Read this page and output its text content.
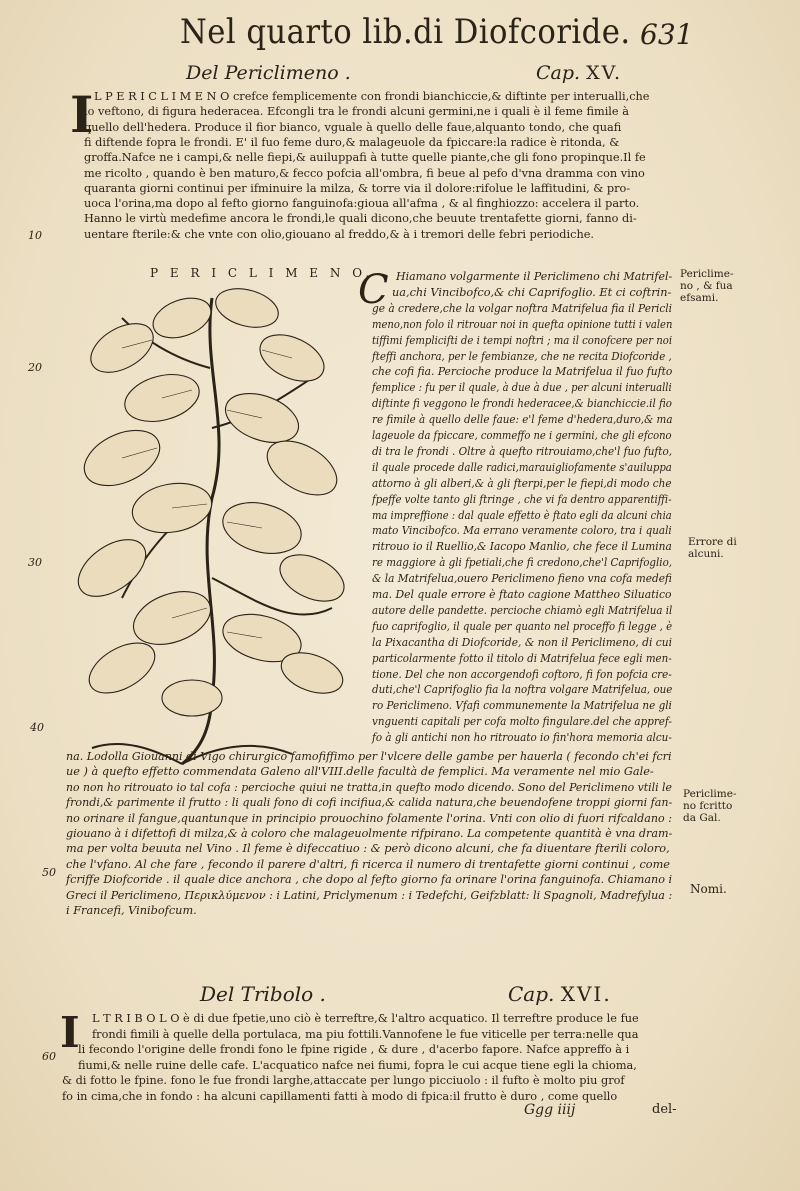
Nel quarto lib.di Diofcoride. 631
Del Periclimeno .	Cap. XV.
I L P E R I C L I M E N O crefce femplicemente con frondi bianchiccie,& diftinte per interualli,che
lo veftono, di figura hederacea. Efcongli tra le frondi alcuni germini,ne i quali è il feme fimile à
quello dell'hedera. Produce il fior bianco, vguale à quello delle faue,alquanto tondo, che quafi
fi diftende fopra le frondi. E' il fuo feme duro,& malageuole da fpiccare:la radice è ritonda, &
groffa.Nafce ne i campi,& nelle fiepi,& auiluppafi à tutte quelle piante,che gli fono propinque.Il fe
me ricolto , quando è ben maturo,& fecco pofcia all'ombra, fi beue al pefo d'vna dramma con vino
quaranta giorni continui per ifminuire la milza, & torre via il dolore:rifolue le laffitudini, & pro-
uoca l'orina,ma dopo al fefto giorno fanguinofa:gioua all'afma , & al finghiozzo: accelera il parto.
Hanno le virtù medefime ancora le frondi,le quali dicono,che beuute trentafette giorni, fanno di-
uentare fterile:& che vnte con olio,giouano al freddo,& à i tremori delle febri periodiche.
P E R I C L I M E N O.
C Hiamano volgarmente il Periclimeno chi Matrifel-
ua,chi Vincibofco,& chi Caprifoglio. Et ci coftrin-
ge à credere,che la volgar noftra Matrifelua fia il Pericli
meno,non folo il ritrouar noi in quefta opinione tutti i valen
tiffimi femplicifti de i tempi noftri ; ma il conofcere per noi
fteffi anchora, per le fembianze, che ne recita Diofcoride ,
che cofi fia. Percioche produce la Matrifelua il fuo fufto
femplice : fu per il quale, à due à due , per alcuni interualli
diftinte fi veggono le frondi hederacee,& bianchiccie.il fio
re fimile à quello delle faue: e'l feme d'hedera,duro,& ma
lageuole da fpiccare, commeffo ne i germini, che gli efcono
di tra le frondi . Oltre à quefto ritrouiamo,che'l fuo fufto,
il quale procede dalle radici,marauigliofamente s'auiluppa
attorno à gli alberi,& à gli fterpi,per le fiepi,di modo che
fpeffe volte tanto gli ftringe , che vi fa dentro apparentiffi-
ma impreffione : dal quale effetto è ftato egli da alcuni chia
mato Vincibofco. Ma errano veramente coloro, tra i quali
ritrouo io il Ruellio,& Iacopo Manlio, che fece il Lumina
re maggiore à gli fpetiali,che fi credono,che'l Caprifoglio,
& la Matrifelua,ouero Periclimeno fieno vna cofa medefi
ma. Del quale errore è ftato cagione Mattheo Siluatico
autore delle pandette. percioche chiamò egli Matrifelua il
fuo caprifoglio, il quale per quanto nel proceffo fi legge , è
la Pixacantha di Diofcoride, & non il Periclimeno, di cui
particolarmente fotto il titolo di Matrifelua fece egli men-
tione. Del che non accorgendofi coftoro, fi fon pofcia cre-
duti,che'l Caprifoglio fia la noftra volgare Matrifelua, oue
ro Periclimeno. Vfafi communemente la Matrifelua ne gli
vnguenti capitali per cofa molto fingulare.del che appref-
fo à gli antichi non ho ritrouato io fin'hora memoria alcu-
na. Lodolla Giouanni di Vigo chirurgico famofiffimo per l'vlcere delle gambe per hauerla ( fecondo ch'ei fcri
ue ) à quefto effetto commendata Galeno all'VIII.delle facultà de femplici. Ma veramente nel mio Gale-
no non ho ritrouato io tal cofa : percioche quiui ne tratta,in quefto modo dicendo. Sono del Periclimeno vtili le
frondi,& parimente il frutto : li quali fono di cofi incifiua,& calida natura,che beuendofene troppi giorni fan-
no orinare il fangue,quantunque in principio prouochino folamente l'orina. Vnti con olio di fuori rifcaldano :
giouano à i difettofi di milza,& à coloro che malageuolmente rifpirano. La competente quantità è vna dram-
ma per volta beuuta nel Vino . Il feme è difeccatiuo : & però dicono alcuni, che fa diuentare fterili coloro,
che l'vfano. Al che fare , fecondo il parere d'altri, fi ricerca il numero di trentafette giorni continui , come
fcriffe Diofcoride . il quale dice anchora , che dopo al fefto giorno fa orinare l'orina fanguinofa. Chiamano i
Greci il Periclimeno, Περικλύμενον : i Latini, Priclymenum : i Tedefchi, Geifzblatt: li Spagnoli, Madrefylua :
i Francefi, Vinibofcum.
Periclime-
no , & fua
efsami.
Errore di
alcuni.
Periclime-
no fcritto
da Gal.
Nomi.
10
20
30
40
50
60
Del Tribolo .	Cap. XVI.
I L T R I B O L O è di due fpetie,uno ciò è terreftre,& l'altro acquatico. Il terreftre produce le fue
frondi fimili à quelle della portulaca, ma piu fottili.Vannofene le fue viticelle per terra:nelle qua
li fecondo l'origine delle frondi fono le fpine rigide , & dure , d'acerbo fapore. Nafce appreffo à i
fiumi,& nelle ruine delle cafe. L'acquatico nafce nei fiumi, fopra le cui acque tiene egli la chioma,
& di fotto le fpine. fono le fue frondi larghe,attaccate per lungo picciuolo : il fufto è molto piu grof
fo in cima,che in fondo : ha alcuni capillamenti fatti à modo di fpica:il frutto è duro , come quello
Ggg iiij	del-
